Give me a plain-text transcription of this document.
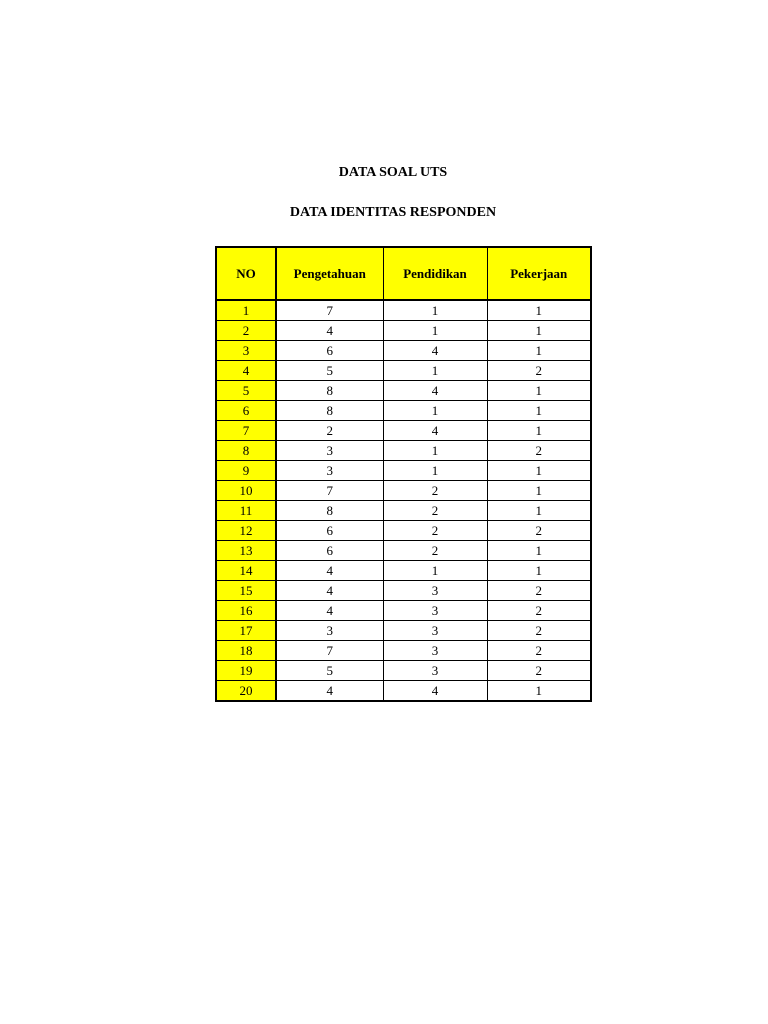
DATA SOAL UTS
DATA IDENTITAS RESPONDEN
NO	Pengetahuan	Pendidikan	Pekerjaan
1	7	1	1
2	4	1	1
3	6	4	1
4	5	1	2
5	8	4	1
6	8	1	1
7	2	4	1
8	3	1	2
9	3	1	1
10	7	2	1
11	8	2	1
12	6	2	2
13	6	2	1
14	4	1	1
15	4	3	2
16	4	3	2
17	3	3	2
18	7	3	2
19	5	3	2
20	4	4	1
